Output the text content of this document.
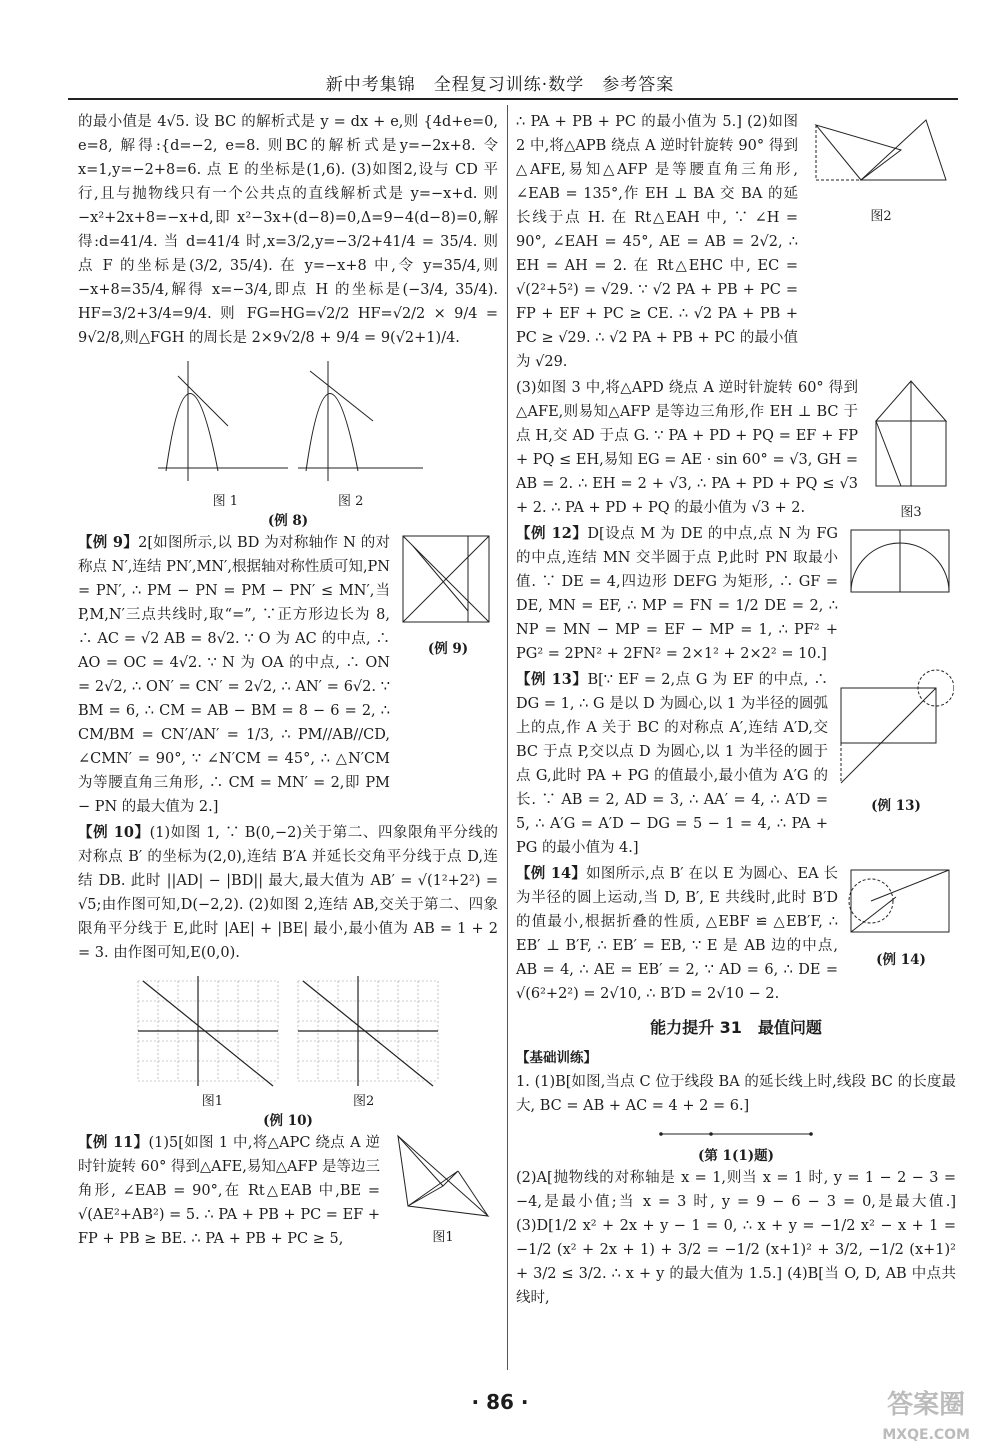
新中考集锦　全程复习训练·数学　参考答案

的最小值是 4√5. 设 BC 的解析式是 y = dx + e,则 {4d+e=0, e=8, 解得:{d=−2, e=8. 则BC的解析式是y=−2x+8. 令 x=1,y=−2+8=6. 点 E 的坐标是(1,6). (3)如图2,设与 CD 平行,且与抛物线只有一个公共点的直线解析式是 y=−x+d. 则−x²+2x+8=−x+d,即 x²−3x+(d−8)=0,Δ=9−4(d−8)=0,解得:d=41/4. 当 d=41/4 时,x=3/2,y=−3/2+41/4 = 35/4. 则点 F 的坐标是(3/2, 35/4). 在 y=−x+8 中,令 y=35/4,则 −x+8=35/4,解得 x=−3/4,即点 H 的坐标是(−3/4, 35/4). HF=3/2+3/4=9/4. 则 FG=HG=√2/2 HF=√2/2 × 9/4 = 9√2/8,则△FGH 的周长是 2×9√2/8 + 9/4 = 9(√2+1)/4.

图 1	图 2
(例 8)

【例 9】2[如图所示,以 BD 为对称轴作 N 的对称点 N′,连结 PN′,MN′,根据轴对称性质可知,PN = PN′, ∴ PM − PN = PM − PN′ ≤ MN′,当 P,M,N′三点共线时,取“=”, ∵正方形边长为 8, ∴ AC = √2 AB = 8√2. ∵ O 为 AC 的中点, ∴ AO = OC = 4√2. ∵ N 为 OA 的中点, ∴ ON = 2√2, ∴ ON′ = CN′ = 2√2, ∴ AN′ = 6√2. ∵ BM = 6, ∴ CM = AB − BM = 8 − 6 = 2, ∴ CM/BM = CN′/AN′ = 1/3, ∴ PM//AB//CD, ∠CMN′ = 90°, ∵ ∠N′CM = 45°, ∴ △N′CM 为等腰直角三角形, ∴ CM = MN′ = 2,即 PM − PN 的最大值为 2.]

(例 9)

【例 10】(1)如图 1, ∵ B(0,−2)关于第二、四象限角平分线的对称点 B′ 的坐标为(2,0),连结 B′A 并延长交角平分线于点 D,连结 DB. 此时 ||AD| − |BD|| 最大,最大值为 AB′ = √(1²+2²) = √5;由作图可知,D(−2,2). (2)如图 2,连结 AB,交关于第二、四象限角平分线于 E,此时 |AE| + |BE| 最小,最小值为 AB = 1 + 2 = 3. 由作图可知,E(0,0).

图1	图2
(例 10)

【例 11】(1)5[如图 1 中,将△APC 绕点 A 逆时针旋转 60° 得到△AFE,易知△AFP 是等边三角形, ∠EAB = 90°,在 Rt△EAB 中,BE = √(AE²+AB²) = 5. ∴ PA + PB + PC = EF + FP + PB ≥ BE. ∴ PA + PB + PC ≥ 5,	图1

∴ PA + PB + PC 的最小值为 5.] (2)如图 2 中,将△APB 绕点 A 逆时针旋转 90° 得到△AFE,易知△AFP 是等腰直角三角形, ∠EAB = 135°,作 EH ⊥ BA 交 BA 的延长线于点 H. 在 Rt△EAH 中, ∵ ∠H = 90°, ∠EAH = 45°, AE = AB = 2√2, ∴ EH = AH = 2. 在 Rt△EHC 中, EC = √(2²+5²) = √29. ∵ √2 PA + PB + PC = FP + EF + PC ≥ CE. ∴ √2 PA + PB + PC ≥ √29. ∴ √2 PA + PB + PC 的最小值为 √29.

图2

(3)如图 3 中,将△APD 绕点 A 逆时针旋转 60° 得到△AFE,则易知△AFP 是等边三角形,作 EH ⊥ BC 于点 H,交 AD 于点 G. ∵ PA + PD + PQ = EF + FP + PQ ≤ EH,易知 EG = AE · sin 60° = √3, GH = AB = 2. ∴ EH = 2 + √3, ∴ PA + PD + PQ ≤ √3 + 2. ∴ PA + PD + PQ 的最小值为 √3 + 2.	图3

【例 12】D[设点 M 为 DE 的中点,点 N 为 FG 的中点,连结 MN 交半圆于点 P,此时 PN 取最小值. ∵ DE = 4,四边形 DEFG 为矩形, ∴ GF = DE, MN = EF, ∴ MP = FN = 1/2 DE = 2, ∴ NP = MN − MP = EF − MP = 1, ∴ PF² + PG² = 2PN² + 2FN² = 2×1² + 2×2² = 10.]

【例 13】B[∵ EF = 2,点 G 为 EF 的中点, ∴ DG = 1, ∴ G 是以 D 为圆心,以 1 为半径的圆弧上的点,作 A 关于 BC 的对称点 A′,连结 A′D,交 BC 于点 P,交以点 D 为圆心,以 1 为半径的圆于点 G,此时 PA + PG 的值最小,最小值为 A′G 的长. ∵ AB = 2, AD = 3, ∴ AA′ = 4, ∴ A′D = 5, ∴ A′G = A′D − DG = 5 − 1 = 4, ∴ PA + PG 的最小值为 4.]

(例 13)

【例 14】如图所示,点 B′ 在以 E 为圆心、EA 长为半径的圆上运动,当 D, B′, E 共线时,此时 B′D 的值最小,根据折叠的性质, △EBF ≌ △EB′F, ∴ EB′ ⊥ B′F, ∴ EB′ = EB, ∵ E 是 AB 边的中点, AB = 4, ∴ AE = EB′ = 2, ∵ AD = 6, ∴ DE = √(6²+2²) = 2√10, ∴ B′D = 2√10 − 2.

(例 14)
能力提升 31　最值问题
【基础训练】

1. (1)B[如图,当点 C 位于线段 BA 的延长线上时,线段 BC 的长度最大, BC = AB + AC = 4 + 2 = 6.]

(第 1(1)题)

(2)A[抛物线的对称轴是 x = 1,则当 x = 1 时, y = 1 − 2 − 3 = −4,是最小值;当 x = 3 时, y = 9 − 6 − 3 = 0,是最大值.] (3)D[1/2 x² + 2x + y − 1 = 0, ∴ x + y = −1/2 x² − x + 1 = −1/2 (x² + 2x + 1) + 3/2 = −1/2 (x+1)² + 3/2, −1/2 (x+1)² + 3/2 ≤ 3/2. ∴ x + y 的最大值为 1.5.] (4)B[当 O, D, AB 中点共线时,

· 86 ·	答案圈
MXQE.COM
